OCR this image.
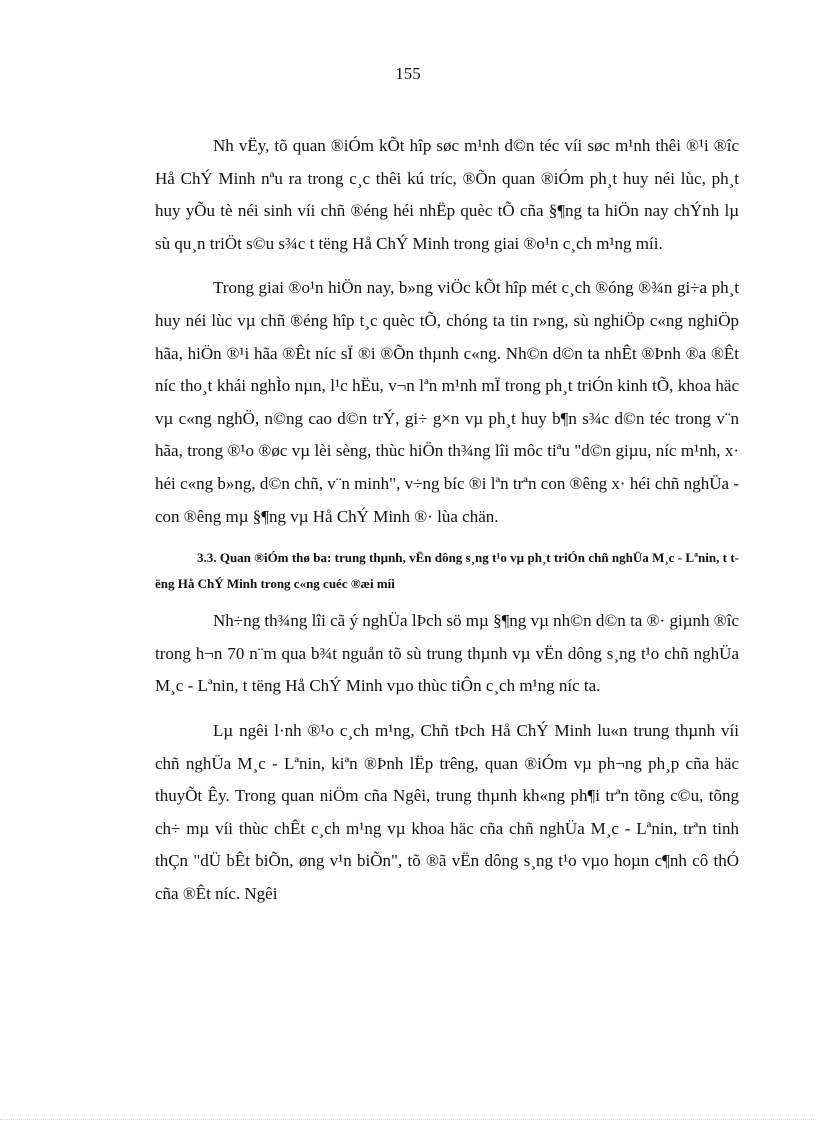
155

Nh vËy, tõ quan ®iÓm kÕt hîp søc m¹nh d©n téc víi søc m¹nh thêi ®¹i ®îc Hå ChÝ Minh nªu ra trong c¸c thêi kú tríc, ®Õn quan ®iÓm ph¸t huy néi lùc, ph¸t huy yÕu tè néi sinh víi chñ ®éng héi nhËp quèc tÕ cña §¶ng ta hiÖn nay chÝnh lµ sù qu¸n triÖt s©u s¾c t tëng Hå ChÝ Minh trong giai ®o¹n c¸ch m¹ng míi.

Trong giai ®o¹n hiÖn nay, b»ng viÖc kÕt hîp mét c¸ch ®óng ®¾n gi÷a ph¸t huy néi lùc vµ chñ ®éng hîp t¸c quèc tÕ, chóng ta tin r»ng, sù nghiÖp c«ng nghiÖp hãa, hiÖn ®¹i hãa ®Êt níc sÏ ®i ®Õn thµnh c«ng. Nh©n d©n ta nhÊt ®Þnh ®a ®Êt níc tho¸t khái nghÌo nµn, l¹c hËu, v¬n lªn m¹nh mÏ trong ph¸t triÓn kinh tÕ, khoa häc vµ c«ng nghÖ, n©ng cao d©n trÝ, gi÷ g×n vµ ph¸t huy b¶n s¾c d©n téc trong v¨n hãa, trong ®¹o ®øc vµ lèi sèng, thùc hiÖn th¾ng lîi môc tiªu "d©n giµu, níc m¹nh, x· héi c«ng b»ng, d©n chñ, v¨n minh", v÷ng bíc ®i lªn trªn con ®êng x· héi chñ nghÜa - con ®êng mµ §¶ng vµ Hå ChÝ Minh ®· lùa chän.

3.3. Quan ®iÓm thø ba: trung thµnh, vËn dông s¸ng t¹o vµ ph¸t triÓn chñ nghÜa M¸c - Lªnin, t tëng Hå ChÝ Minh trong c«ng cuéc ®æi míi

Nh÷ng th¾ng lîi cã ý nghÜa lÞch sö mµ §¶ng vµ nh©n d©n ta ®· giµnh ®îc trong h¬n 70 n¨m qua b¾t nguån tõ sù trung thµnh vµ vËn dông s¸ng t¹o chñ nghÜa M¸c - Lªnin, t tëng Hå ChÝ Minh vµo thùc tiÔn c¸ch m¹ng níc ta.

Lµ ngêi l·nh ®¹o c¸ch m¹ng, Chñ tÞch Hå ChÝ Minh lu«n trung thµnh víi chñ nghÜa M¸c - Lªnin, kiªn ®Þnh lËp trêng, quan ®iÓm vµ ph¬ng ph¸p cña häc thuyÕt Êy. Trong quan niÖm cña Ngêi, trung thµnh kh«ng ph¶i trªn tõng c©u, tõng ch÷ mµ víi thùc chÊt c¸ch m¹ng vµ khoa häc cña chñ nghÜa M¸c - Lªnin, trªn tinh thÇn "dÜ bÊt biÕn, øng v¹n biÕn", tõ ®ã vËn dông s¸ng t¹o vµo hoµn c¶nh cô thÓ cña ®Êt níc. Ngêi
